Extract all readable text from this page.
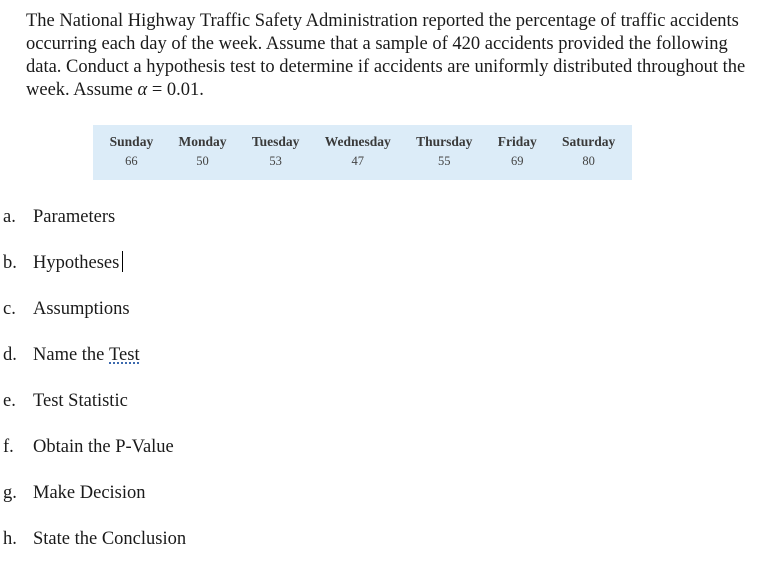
The National Highway Traffic Safety Administration reported the percentage of traffic accidents occurring each day of the week. Assume that a sample of 420 accidents provided the following data. Conduct a hypothesis test to determine if accidents are uniformly distributed throughout the week. Assume α = 0.01.
Sunday
66
Monday
50
Tuesday
53
Wednesday
47
Thursday
55
Friday
69
Saturday
80
a. Parameters
b. Hypotheses
c. Assumptions
d. Name the Test
e. Test Statistic
f.	Obtain the P-Value
g. Make Decision
h. State the Conclusion
